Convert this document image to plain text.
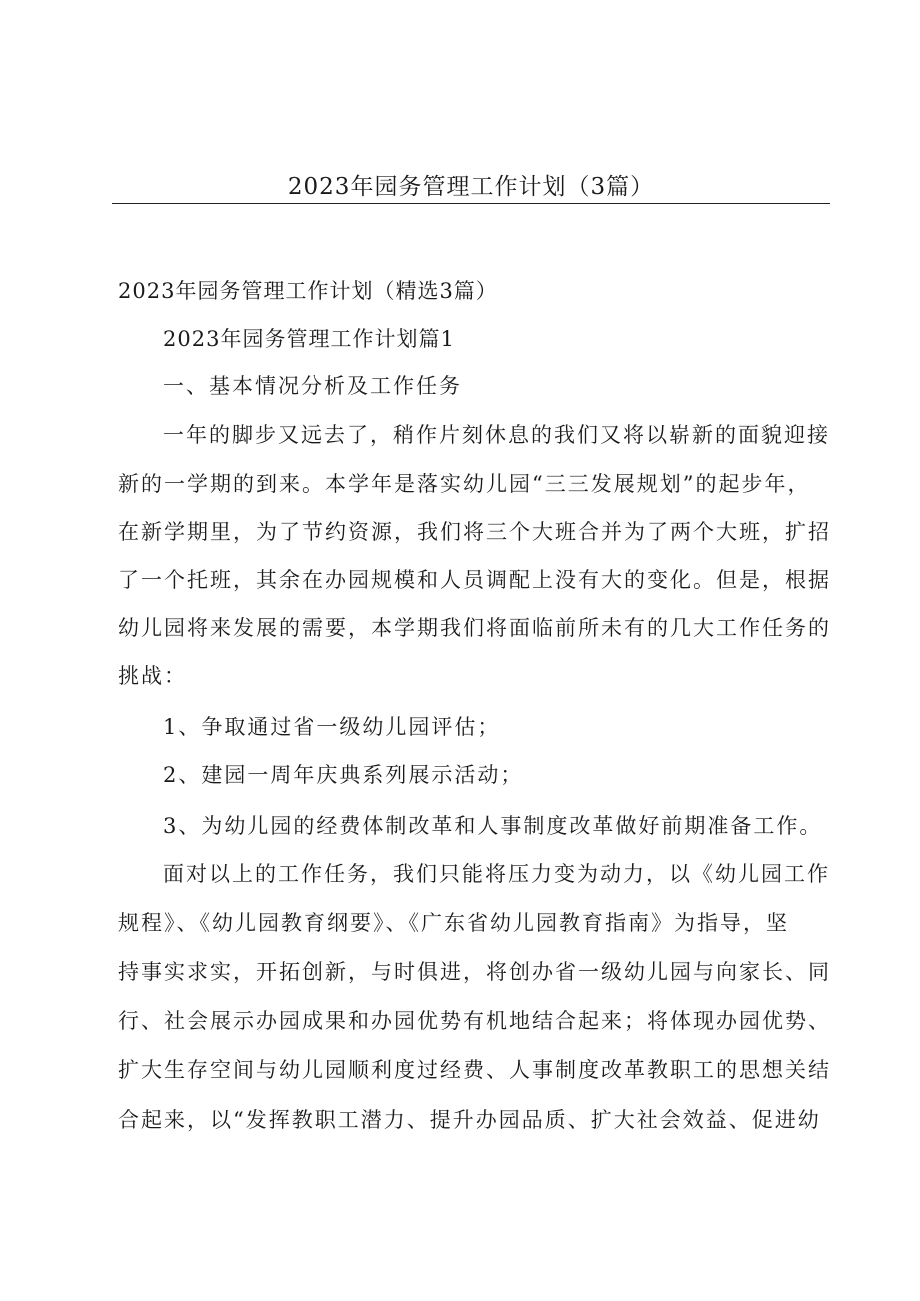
2023年园务管理工作计划（3篇）
2023年园务管理工作计划（精选3篇）
2023年园务管理工作计划篇1
一、基本情况分析及工作任务
一年的脚步又远去了，稍作片刻休息的我们又将以崭新的面貌迎接
新的一学期的到来。本学年是落实幼儿园“三三发展规划”的起步年，
在新学期里，为了节约资源，我们将三个大班合并为了两个大班，扩招
了一个托班，其余在办园规模和人员调配上没有大的变化。但是，根据
幼儿园将来发展的需要，本学期我们将面临前所未有的几大工作任务的
挑战：
1、争取通过省一级幼儿园评估；
2、建园一周年庆典系列展示活动；
3、为幼儿园的经费体制改革和人事制度改革做好前期准备工作。
面对以上的工作任务，我们只能将压力变为动力，以《幼儿园工作
规程》、《幼儿园教育纲要》、《广东省幼儿园教育指南》为指导，坚
持事实求实，开拓创新，与时俱进，将创办省一级幼儿园与向家长、同
行、社会展示办园成果和办园优势有机地结合起来；将体现办园优势、
扩大生存空间与幼儿园顺利度过经费、人事制度改革教职工的思想关结
合起来，以“发挥教职工潜力、提升办园品质、扩大社会效益、促进幼
